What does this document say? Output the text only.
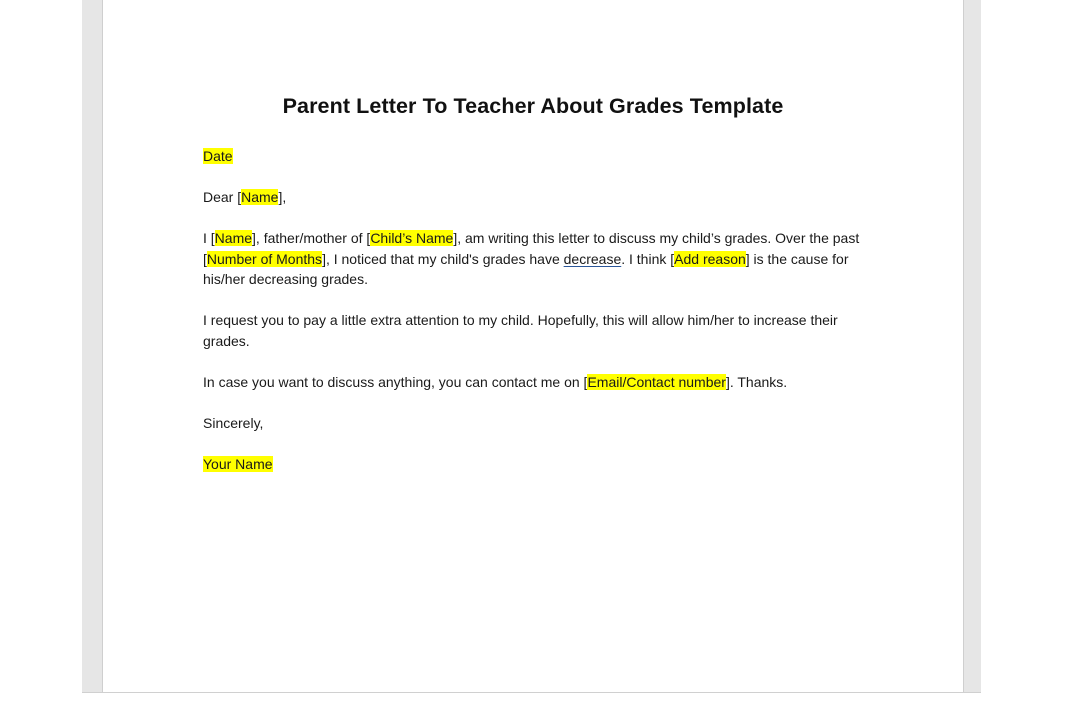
Parent Letter To Teacher About Grades Template

Date

Dear [Name],

I [Name], father/mother of [Child’s Name], am writing this letter to discuss my child’s grades. Over the past [Number of Months], I noticed that my child's grades have decrease. I think [Add reason] is the cause for his/her decreasing grades.

I request you to pay a little extra attention to my child. Hopefully, this will allow him/her to increase their grades.

In case you want to discuss anything, you can contact me on [Email/Contact number]. Thanks.

Sincerely,

Your Name
